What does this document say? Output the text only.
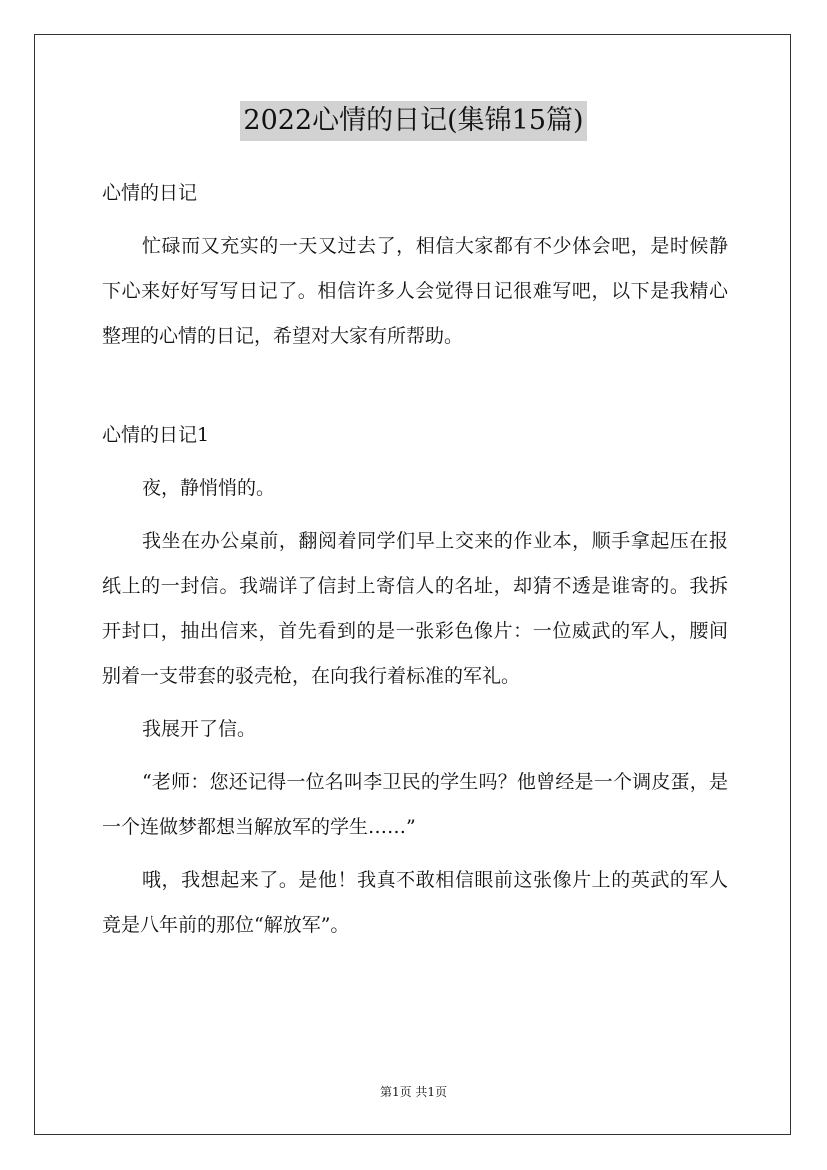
2022心情的日记(集锦15篇)

心情的日记

忙碌而又充实的一天又过去了，相信大家都有不少体会吧，是时候静下心来好好写写日记了。相信许多人会觉得日记很难写吧，以下是我精心整理的心情的日记，希望对大家有所帮助。

心情的日记1

夜，静悄悄的。

我坐在办公桌前，翻阅着同学们早上交来的作业本，顺手拿起压在报纸上的一封信。我端详了信封上寄信人的名址，却猜不透是谁寄的。我拆开封口，抽出信来，首先看到的是一张彩色像片：一位威武的军人，腰间别着一支带套的驳壳枪，在向我行着标准的军礼。

我展开了信。

“老师：您还记得一位名叫李卫民的学生吗？他曾经是一个调皮蛋，是一个连做梦都想当解放军的学生……”

哦，我想起来了。是他！我真不敢相信眼前这张像片上的英武的军人竟是八年前的那位“解放军”。

第1页 共1页
